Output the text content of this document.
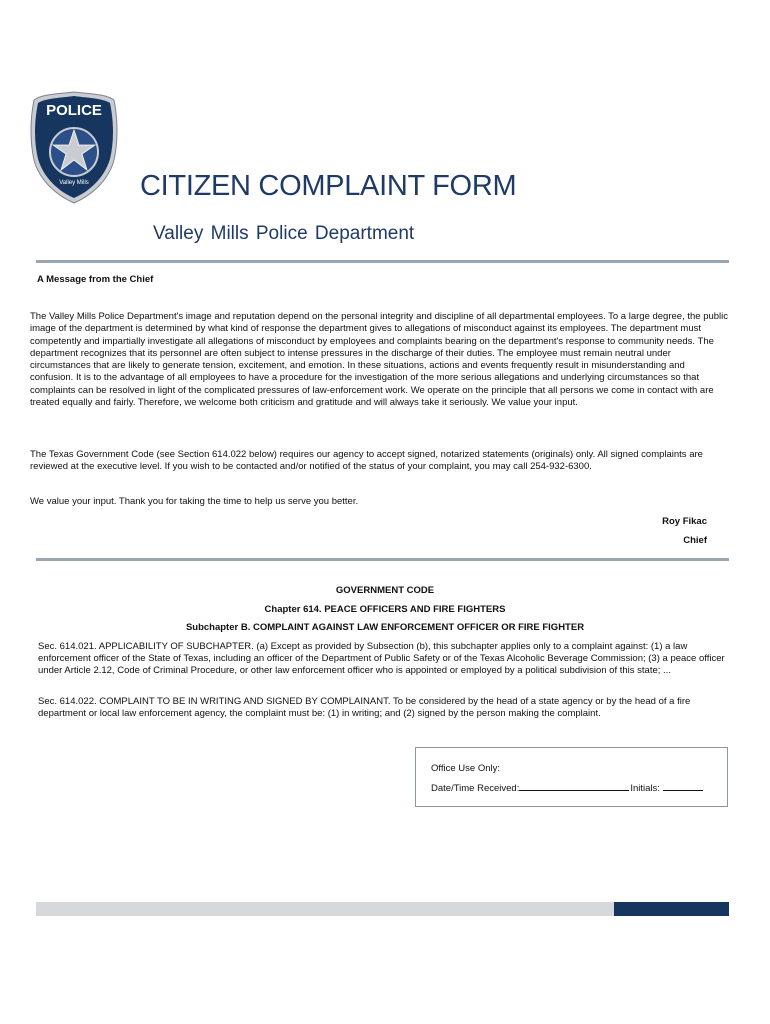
POLICE
Valley Mills CITIZEN COMPLAINT FORM
Valley Mills Police Department
A Message from the Chief
The Valley Mills Police Department's image and reputation depend on the personal integrity and discipline of all departmental employees. To a large degree, the public image of the department is determined by what kind of response the department gives to allegations of misconduct against its employees. The department must competently and impartially investigate all allegations of misconduct by employees and complaints bearing on the department's response to community needs. The department recognizes that its personnel are often subject to intense pressures in the discharge of their duties. The employee must remain neutral under circumstances that are likely to generate tension, excitement, and emotion. In these situations, actions and events frequently result in misunderstanding and confusion. It is to the advantage of all employees to have a procedure for the investigation of the more serious allegations and underlying circumstances so that complaints can be resolved in light of the complicated pressures of law-enforcement work. We operate on the principle that all persons we come in contact with are treated equally and fairly. Therefore, we welcome both criticism and gratitude and will always take it seriously. We value your input.
The Texas Government Code (see Section 614.022 below) requires our agency to accept signed, notarized statements (originals) only. All signed complaints are reviewed at the executive level. If you wish to be contacted and/or notified of the status of your complaint, you may call 254-932-6300.
We value your input. Thank you for taking the time to help us serve you better.
Roy Fikac
Chief
GOVERNMENT CODE
Chapter 614. PEACE OFFICERS AND FIRE FIGHTERS
Subchapter B. COMPLAINT AGAINST LAW ENFORCEMENT OFFICER OR FIRE FIGHTER
Sec. 614.021. APPLICABILITY OF SUBCHAPTER. (a) Except as provided by Subsection (b), this subchapter applies only to a complaint against: (1) a law enforcement officer of the State of Texas, including an officer of the Department of Public Safety or of the Texas Alcoholic Beverage Commission; (3) a peace officer under Article 2.12, Code of Criminal Procedure, or other law enforcement officer who is appointed or employed by a political subdivision of this state; ...
Sec. 614.022. COMPLAINT TO BE IN WRITING AND SIGNED BY COMPLAINANT. To be considered by the head of a state agency or by the head of a fire department or local law enforcement agency, the complaint must be: (1) in writing; and (2) signed by the person making the complaint.
Office Use Only:
Date/Time Received:	Initials:
